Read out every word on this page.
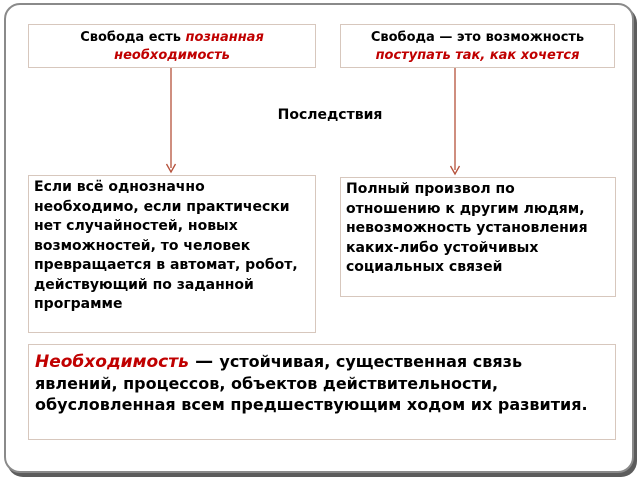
Свобода есть познанная
необходимость
Свобода — это возможность
поступать так, как хочется
Последствия
Если всё однозначно необходимо, если практически нет случайностей, новых возможностей, то человек превращается в автомат, робот, действующий по заданной программе
Полный произвол по отношению к другим людям, невозможность установления каких-либо устойчивых социальных связей
Необходимость — устойчивая, существенная связь явлений, процессов, объектов действительности, обусловленная всем предшествующим ходом их развития.
